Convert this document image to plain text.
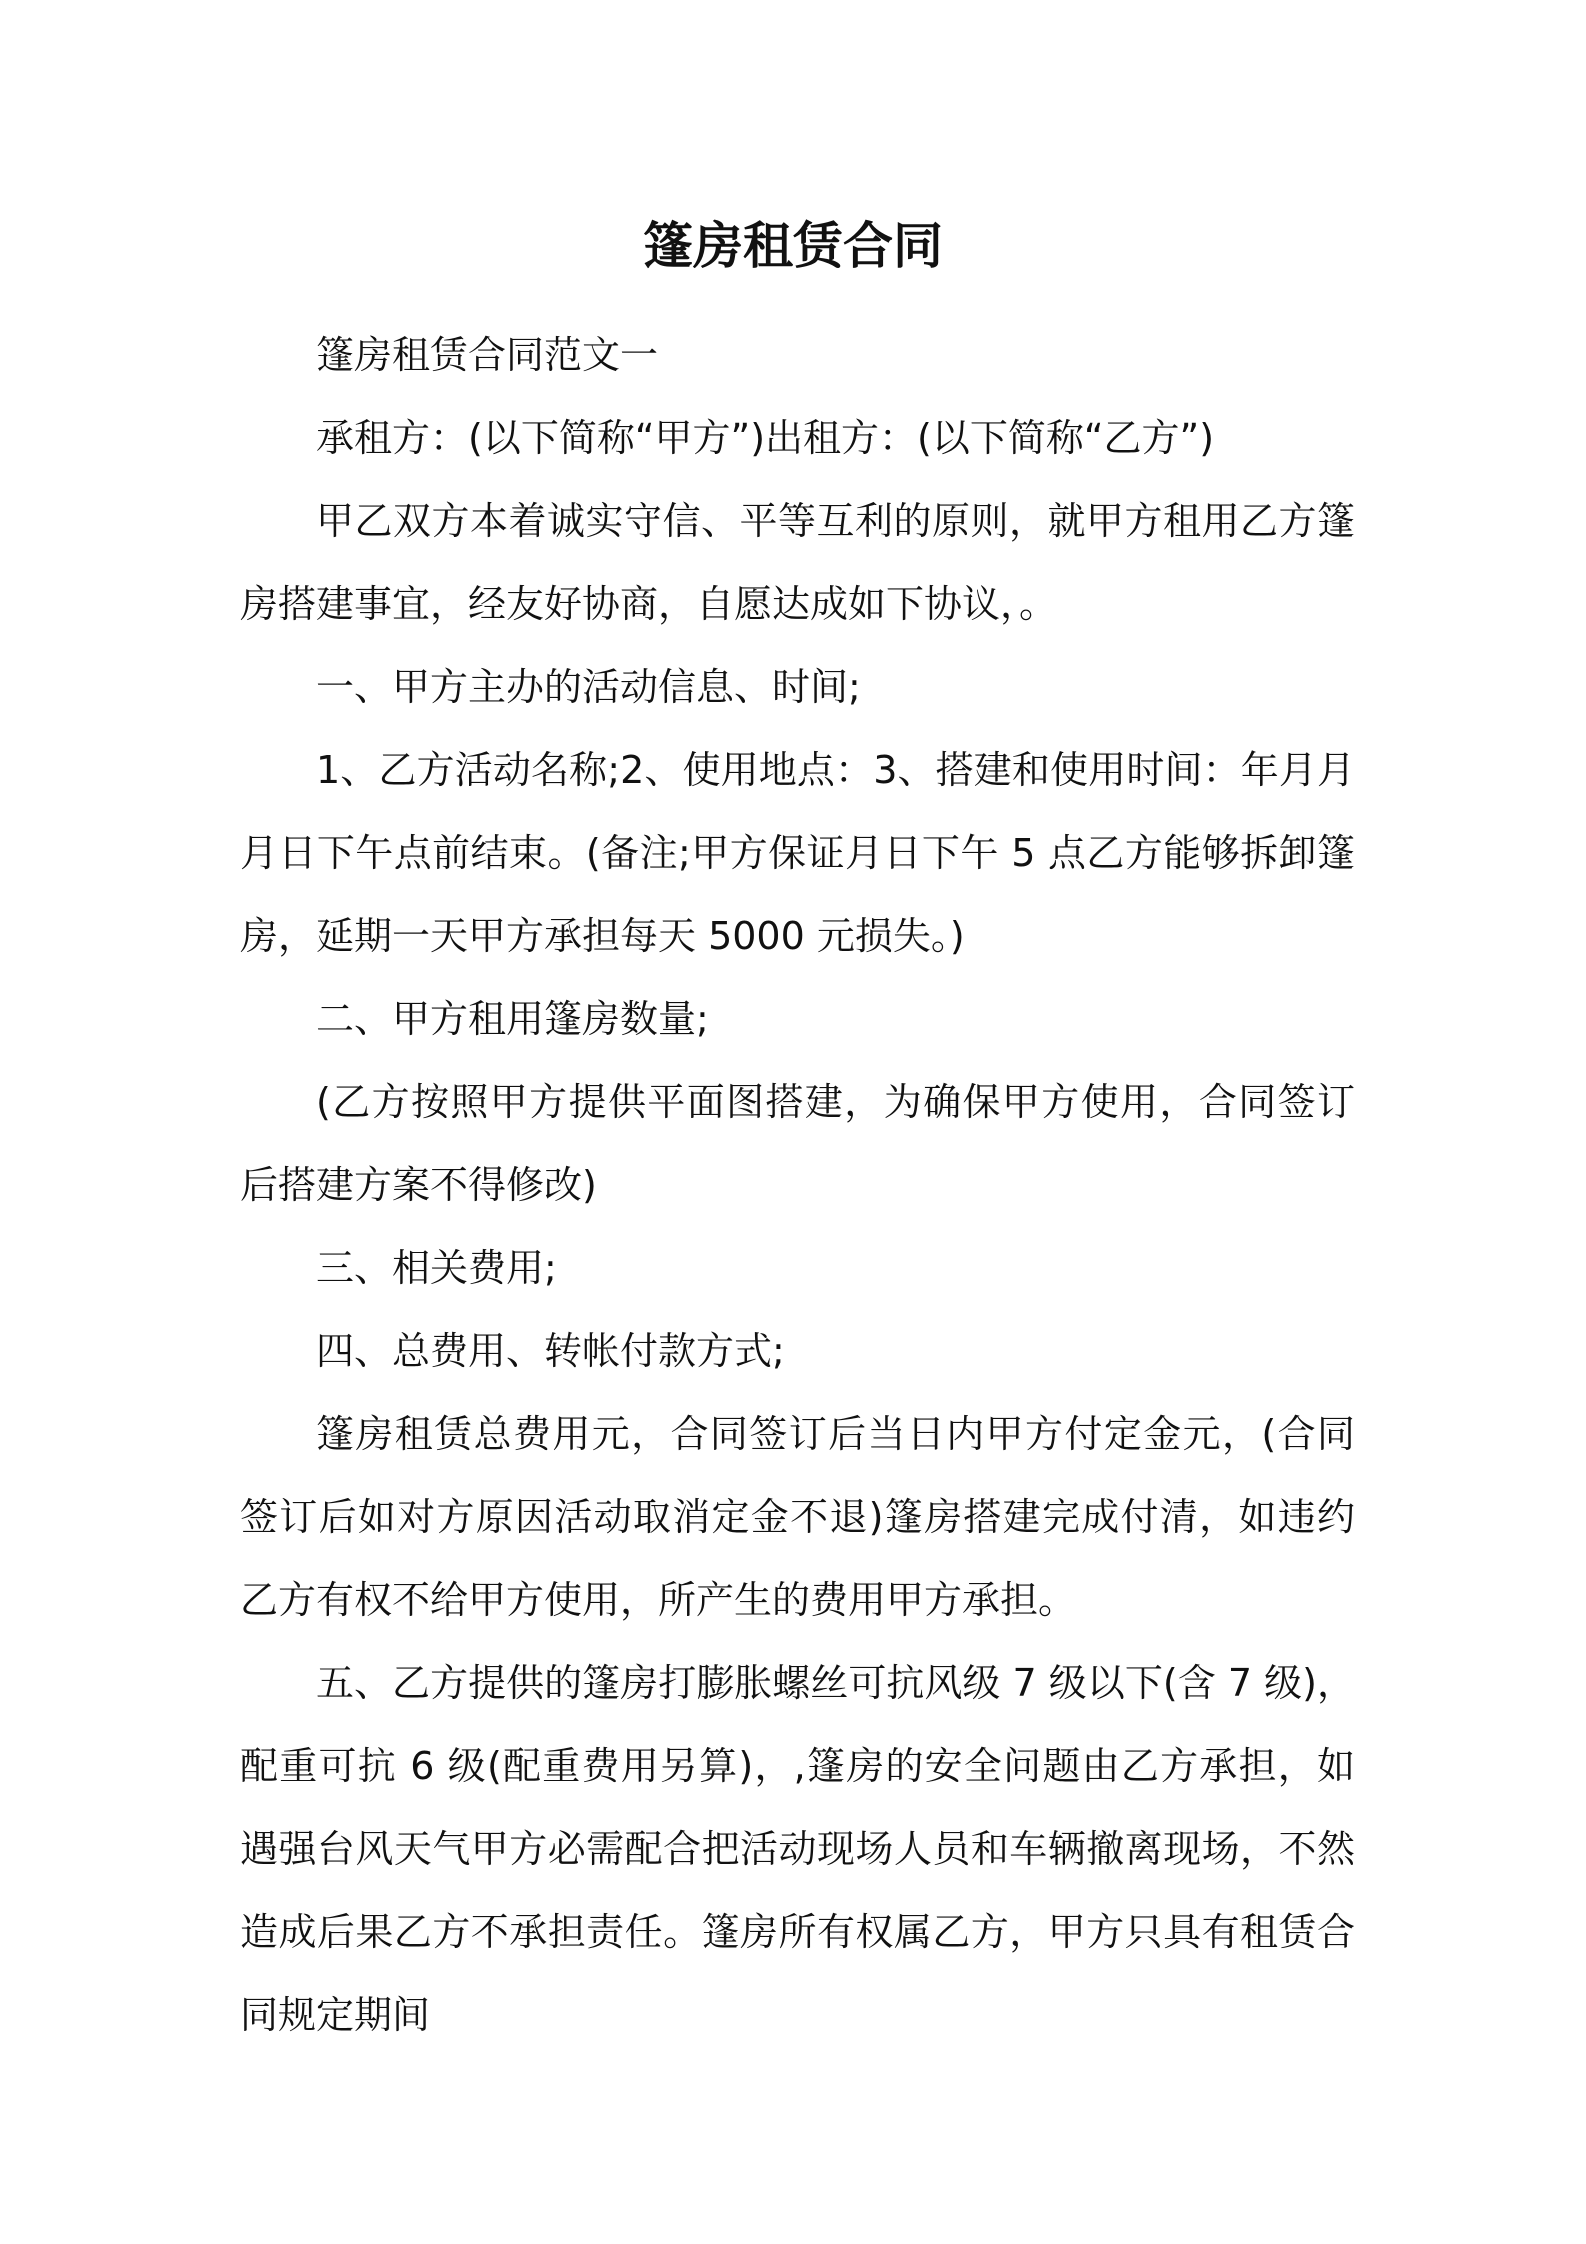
篷房租赁合同

篷房租赁合同范文一

承租方：(以下简称“甲方”)出租方：(以下简称“乙方”)

甲乙双方本着诚实守信、平等互利的原则，就甲方租用乙方篷房搭建事宜，经友好协商，自愿达成如下协议，。

一、甲方主办的活动信息、时间;

1、乙方活动名称;2、使用地点：3、搭建和使用时间：年月月月日下午点前结束。(备注;甲方保证月日下午 5 点乙方能够拆卸篷房，延期一天甲方承担每天 5000 元损失。)

二、甲方租用篷房数量;

(乙方按照甲方提供平面图搭建，为确保甲方使用，合同签订后搭建方案不得修改)

三、相关费用;

四、总费用、转帐付款方式;

篷房租赁总费用元，合同签订后当日内甲方付定金元，(合同签订后如对方原因活动取消定金不退)篷房搭建完成付清，如违约乙方有权不给甲方使用，所产生的费用甲方承担。

五、乙方提供的篷房打膨胀螺丝可抗风级 7 级以下(含 7 级)，配重可抗 6 级(配重费用另算)，,篷房的安全问题由乙方承担，如遇强台风天气甲方必需配合把活动现场人员和车辆撤离现场，不然造成后果乙方不承担责任。篷房所有权属乙方，甲方只具有租赁合同规定期间
